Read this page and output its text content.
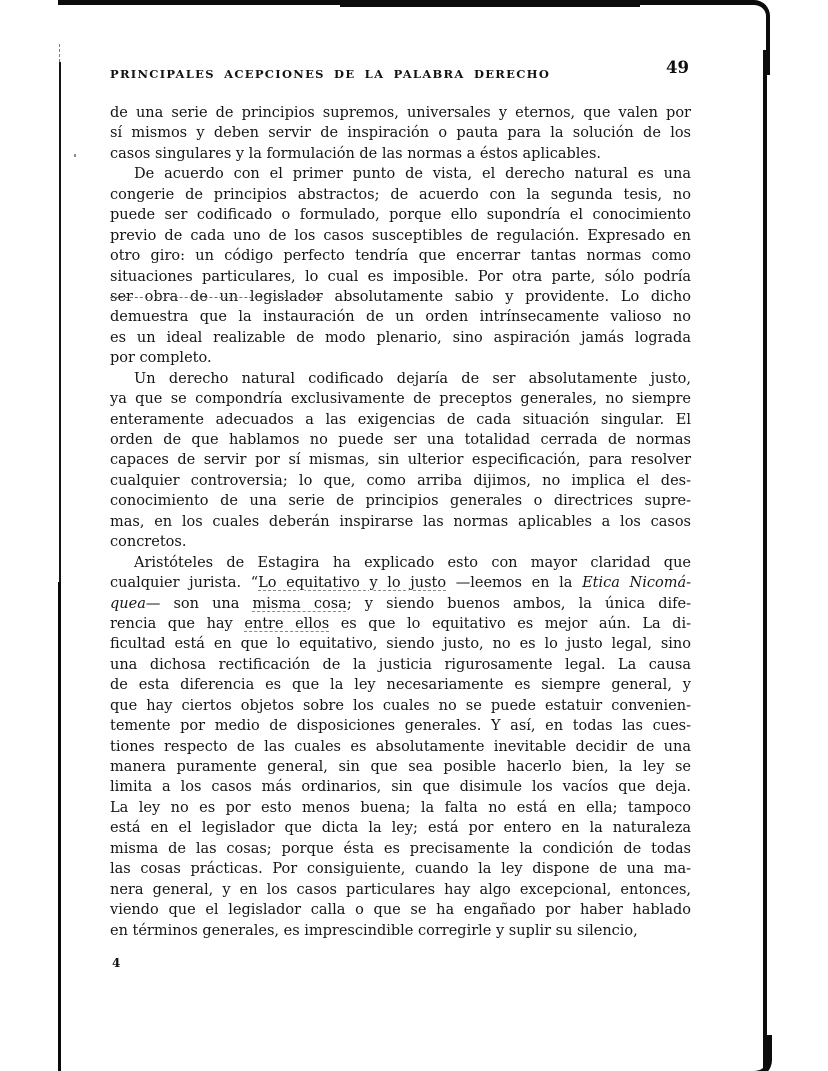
PRINCIPALES ACEPCIONES DE LA PALABRA DERECHO	49
de una serie de principios supremos, universales y eternos, que valen por
sí mismos y deben servir de inspiración o pauta para la solución de los
casos singulares y la formulación de las normas a éstos aplicables.
De acuerdo con el primer punto de vista, el derecho natural es una
congerie de principios abstractos; de acuerdo con la segunda tesis, no
puede ser codificado o formulado, porque ello supondría el conocimiento
previo de cada uno de los casos susceptibles de regulación. Expresado en
otro giro: un código perfecto tendría que encerrar tantas normas como
situaciones particulares, lo cual es imposible. Por otra parte, sólo podría
ser obra de un legislador absolutamente sabio y providente. Lo dicho
demuestra que la instauración de un orden intrínsecamente valioso no
es un ideal realizable de modo plenario, sino aspiración jamás lograda
por completo.
Un derecho natural codificado dejaría de ser absolutamente justo,
ya que se compondría exclusivamente de preceptos generales, no siempre
enteramente adecuados a las exigencias de cada situación singular. El
orden de que hablamos no puede ser una totalidad cerrada de normas
capaces de servir por sí mismas, sin ulterior especificación, para resolver
cualquier controversia; lo que, como arriba dijimos, no implica el des-
conocimiento de una serie de principios generales o directrices supre-
mas, en los cuales deberán inspirarse las normas aplicables a los casos
concretos.
Aristóteles de Estagira ha explicado esto con mayor claridad que
cualquier jurista. “Lo equitativo y lo justo —leemos en la Etica Nicomá-
quea— son una misma cosa; y siendo buenos ambos, la única dife-
rencia que hay entre ellos es que lo equitativo es mejor aún. La di-
ficultad está en que lo equitativo, siendo justo, no es lo justo legal, sino
una dichosa rectificación de la justicia rigurosamente legal. La causa
de esta diferencia es que la ley necesariamente es siempre general, y
que hay ciertos objetos sobre los cuales no se puede estatuir convenien-
temente por medio de disposiciones generales. Y así, en todas las cues-
tiones respecto de las cuales es absolutamente inevitable decidir de una
manera puramente general, sin que sea posible hacerlo bien, la ley se
limita a los casos más ordinarios, sin que disimule los vacíos que deja.
La ley no es por esto menos buena; la falta no está en ella; tampoco
está en el legislador que dicta la ley; está por entero en la naturaleza
misma de las cosas; porque ésta es precisamente la condición de todas
las cosas prácticas. Por consiguiente, cuando la ley dispone de una ma-
nera general, y en los casos particulares hay algo excepcional, entonces,
viendo que el legislador calla o que se ha engañado por haber hablado
en términos generales, es imprescindible corregirle y suplir su silencio,
4
